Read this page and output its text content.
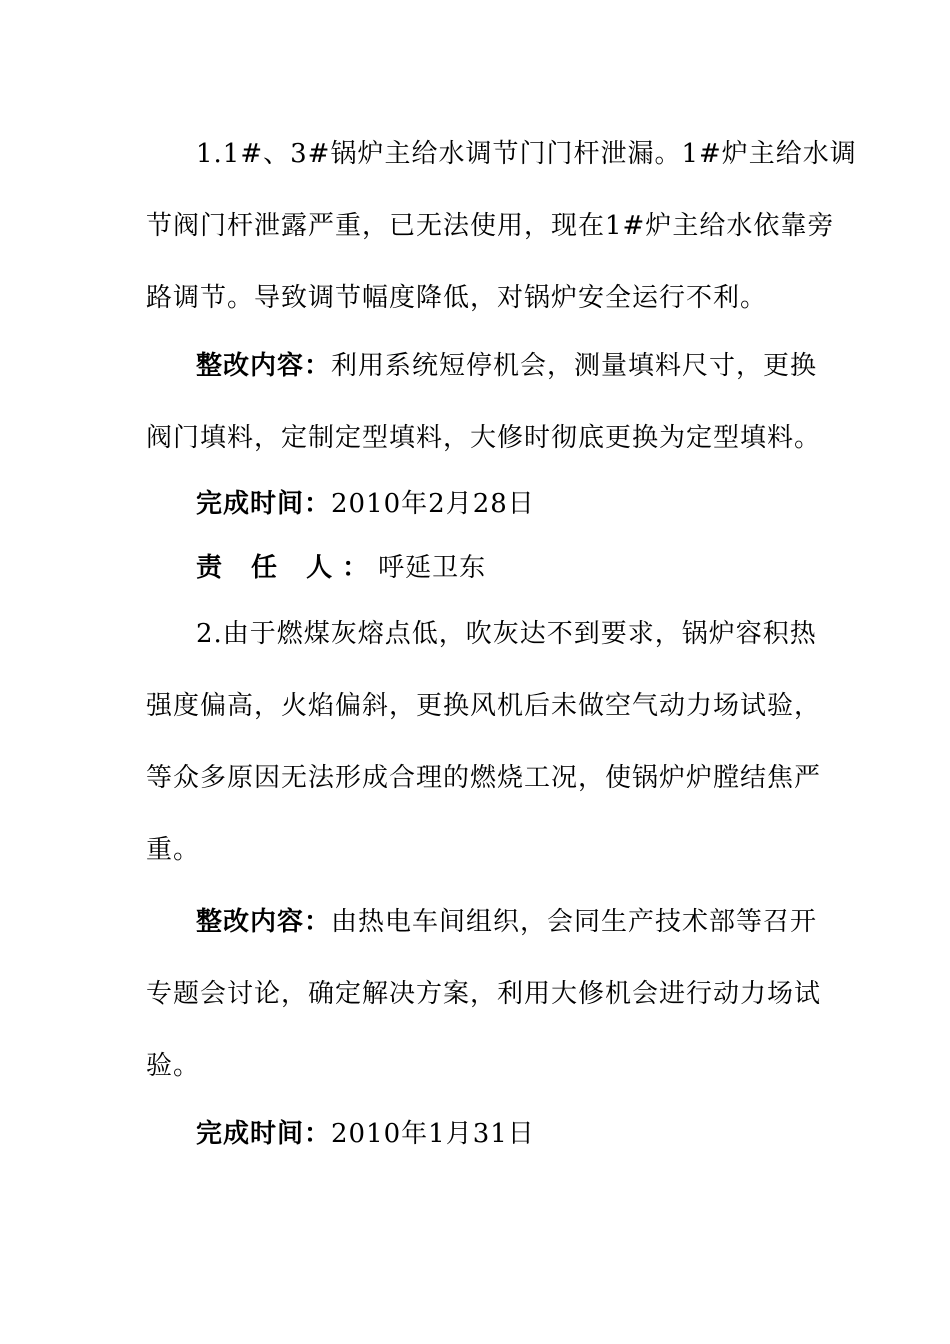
1.1#、3#锅炉主给水调节门门杆泄漏。1#炉主给水调
节阀门杆泄露严重，已无法使用，现在1#炉主给水依靠旁
路调节。导致调节幅度降低，对锅炉安全运行不利。
整改内容：利用系统短停机会，测量填料尺寸，更换
阀门填料，定制定型填料，大修时彻底更换为定型填料。
完成时间：2010年2月28日
责 任 人：呼延卫东
2.由于燃煤灰熔点低，吹灰达不到要求，锅炉容积热
强度偏高，火焰偏斜，更换风机后未做空气动力场试验，
等众多原因无法形成合理的燃烧工况，使锅炉炉膛结焦严
重。
整改内容：由热电车间组织，会同生产技术部等召开
专题会讨论，确定解决方案，利用大修机会进行动力场试
验。
完成时间：2010年1月31日
